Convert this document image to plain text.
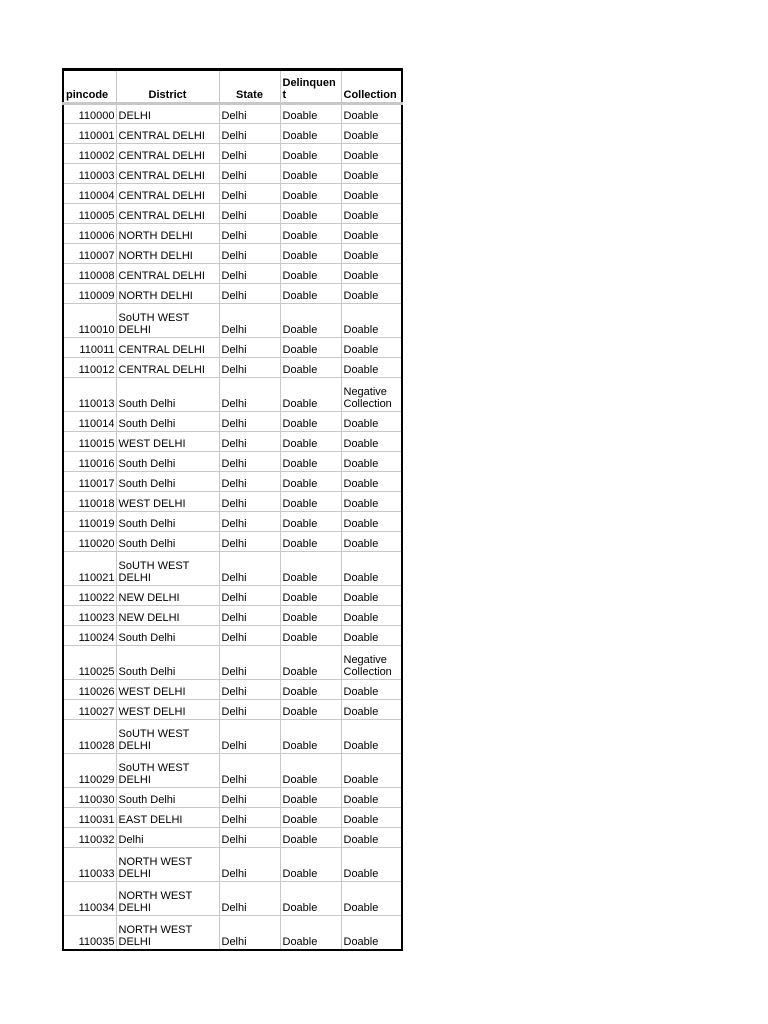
pincode	District	State	Delinquent	Collection
110000	DELHI	Delhi	Doable	Doable
110001	CENTRAL DELHI	Delhi	Doable	Doable
110002	CENTRAL DELHI	Delhi	Doable	Doable
110003	CENTRAL DELHI	Delhi	Doable	Doable
110004	CENTRAL DELHI	Delhi	Doable	Doable
110005	CENTRAL DELHI	Delhi	Doable	Doable
110006	NORTH DELHI	Delhi	Doable	Doable
110007	NORTH DELHI	Delhi	Doable	Doable
110008	CENTRAL DELHI	Delhi	Doable	Doable
110009	NORTH DELHI	Delhi	Doable	Doable
110010	SoUTH WEST DELHI	Delhi	Doable	Doable
110011	CENTRAL DELHI	Delhi	Doable	Doable
110012	CENTRAL DELHI	Delhi	Doable	Doable
110013	South Delhi	Delhi	Doable	Negative Collection
110014	South Delhi	Delhi	Doable	Doable
110015	WEST DELHI	Delhi	Doable	Doable
110016	South Delhi	Delhi	Doable	Doable
110017	South Delhi	Delhi	Doable	Doable
110018	WEST DELHI	Delhi	Doable	Doable
110019	South Delhi	Delhi	Doable	Doable
110020	South Delhi	Delhi	Doable	Doable
110021	SoUTH WEST DELHI	Delhi	Doable	Doable
110022	NEW DELHI	Delhi	Doable	Doable
110023	NEW DELHI	Delhi	Doable	Doable
110024	South Delhi	Delhi	Doable	Doable
110025	South Delhi	Delhi	Doable	Negative Collection
110026	WEST DELHI	Delhi	Doable	Doable
110027	WEST DELHI	Delhi	Doable	Doable
110028	SoUTH WEST DELHI	Delhi	Doable	Doable
110029	SoUTH WEST DELHI	Delhi	Doable	Doable
110030	South Delhi	Delhi	Doable	Doable
110031	EAST DELHI	Delhi	Doable	Doable
110032	Delhi	Delhi	Doable	Doable
110033	NORTH WEST DELHI	Delhi	Doable	Doable
110034	NORTH WEST DELHI	Delhi	Doable	Doable
110035	NORTH WEST DELHI	Delhi	Doable	Doable
